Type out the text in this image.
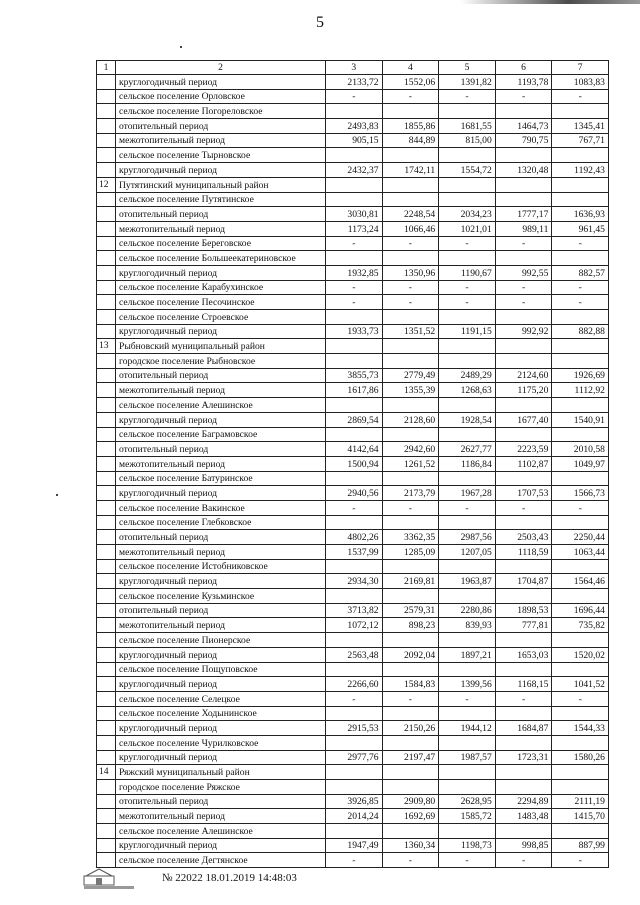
5
1	2	3	4	5	6	7
	круглогодичный период	2133,72	1552,06	1391,82	1193,78	1083,83
	сельское поселение Орловское	-	-	-	-	-
	сельское поселение Погореловское					
	отопительный период	2493,83	1855,86	1681,55	1464,73	1345,41
	межотопительный период	905,15	844,89	815,00	790,75	767,71
	сельское поселение Тырновское					
	круглогодичный период	2432,37	1742,11	1554,72	1320,48	1192,43
12	Путятинский муниципальный район					
	сельское поселение Путятинское					
	отопительный период	3030,81	2248,54	2034,23	1777,17	1636,93
	межотопительный период	1173,24	1066,46	1021,01	989,11	961,45
	сельское поселение Береговское	-	-	-	-	-
	сельское поселение Большеекатериновское					
	круглогодичный период	1932,85	1350,96	1190,67	992,55	882,57
	сельское поселение Карабухинское	-	-	-	-	-
	сельское поселение Песочинское	-	-	-	-	-
	сельское поселение Строевское					
	круглогодичный период	1933,73	1351,52	1191,15	992,92	882,88
13	Рыбновский муниципальный район					
	городское поселение Рыбновское					
	отопительный период	3855,73	2779,49	2489,29	2124,60	1926,69
	межотопительный период	1617,86	1355,39	1268,63	1175,20	1112,92
	сельское поселение Алешинское					
	круглогодичный период	2869,54	2128,60	1928,54	1677,40	1540,91
	сельское поселение Баграмовское					
	отопительный период	4142,64	2942,60	2627,77	2223,59	2010,58
	межотопительный период	1500,94	1261,52	1186,84	1102,87	1049,97
	сельское поселение Батуринское					
	круглогодичный период	2940,56	2173,79	1967,28	1707,53	1566,73
	сельское поселение Вакинское	-	-	-	-	-
	сельское поселение Глебковское					
	отопительный период	4802,26	3362,35	2987,56	2503,43	2250,44
	межотопительный период	1537,99	1285,09	1207,05	1118,59	1063,44
	сельское поселение Истобниковское					
	круглогодичный период	2934,30	2169,81	1963,87	1704,87	1564,46
	сельское поселение Кузьминское					
	отопительный период	3713,82	2579,31	2280,86	1898,53	1696,44
	межотопительный период	1072,12	898,23	839,93	777,81	735,82
	сельское поселение Пионерское					
	круглогодичный период	2563,48	2092,04	1897,21	1653,03	1520,02
	сельское поселение Пощуповское					
	круглогодичный период	2266,60	1584,83	1399,56	1168,15	1041,52
	сельское поселение Селецкое	-	-	-	-	-
	сельское поселение Ходынинское					
	круглогодичный период	2915,53	2150,26	1944,12	1684,87	1544,33
	сельское поселение Чурилковское					
	круглогодичный период	2977,76	2197,47	1987,57	1723,31	1580,26
14	Ряжский муниципальный район					
	городское поселение Ряжское					
	отопительный период	3926,85	2909,80	2628,95	2294,89	2111,19
	межотопительный период	2014,24	1692,69	1585,72	1483,48	1415,70
	сельское поселение Алешинское					
	круглогодичный период	1947,49	1360,34	1198,73	998,85	887,99
	сельское поселение Дегтянское	-	-	-	-	-
№ 22022 18.01.2019 14:48:03
